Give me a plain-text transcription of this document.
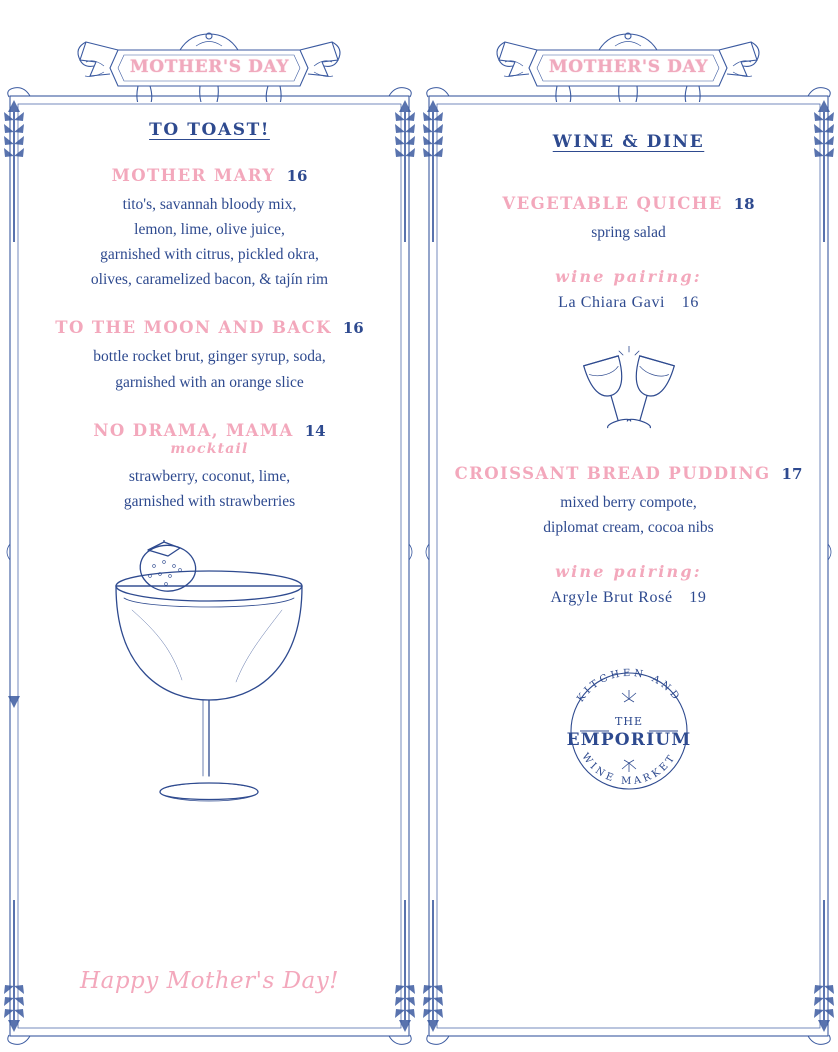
MOTHER'S DAY
TO TOAST!
MOTHER MARY 16
tito's, savannah bloody mix,
lemon, lime, olive juice,
garnished with citrus, pickled okra,
olives, caramelized bacon, & tajín rim
TO THE MOON AND BACK 16
bottle rocket brut, ginger syrup, soda,
garnished with an orange slice
NO DRAMA, MAMA 14
mocktail
strawberry, coconut, lime,
garnished with strawberries
Happy Mother's Day!
MOTHER'S DAY
WINE & DINE
VEGETABLE QUICHE 18
spring salad
wine pairing:
La Chiara Gavi 16
CROISSANT BREAD PUDDING 17
mixed berry compote,
diplomat cream, cocoa nibs
wine pairing:
Argyle Brut Rosé 19
THE
EMPORIUM
KITCHEN AND
WINE MARKET
